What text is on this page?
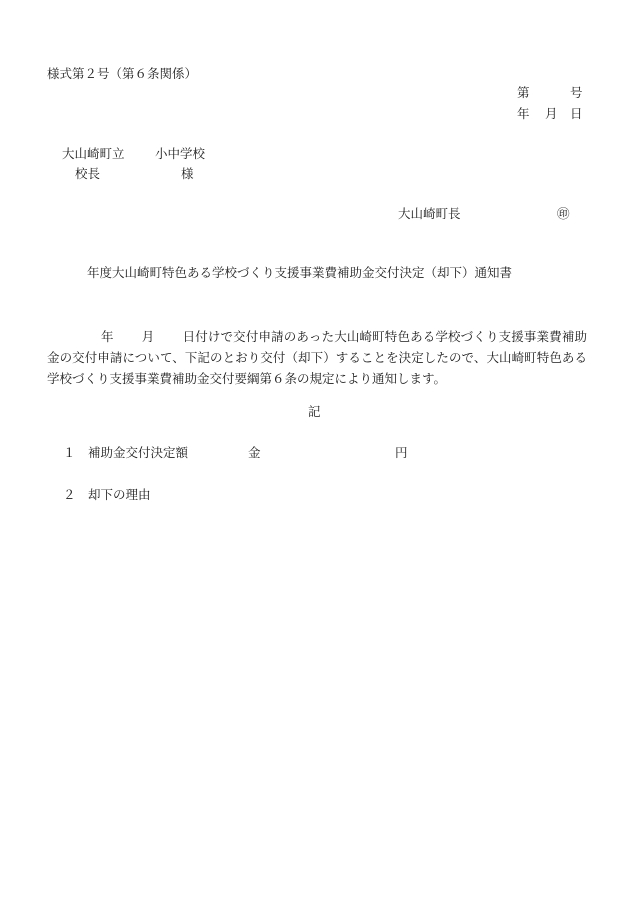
様式第２号（第６条関係）
第	号
年 月 日
大山崎町立 小中学校
校長	様
大山崎町長	㊞
年度大山崎町特色ある学校づくり支援事業費補助金交付決定（却下）通知書
年 月 日付けで交付申請のあった大山崎町特色ある学校づくり支援事業費補助金の交付申請について、下記のとおり交付（却下）することを決定したので、大山崎町特色ある学校づくり支援事業費補助金交付要綱第６条の規定により通知します。
記
１ 補助金交付決定額	金	円
２ 却下の理由
